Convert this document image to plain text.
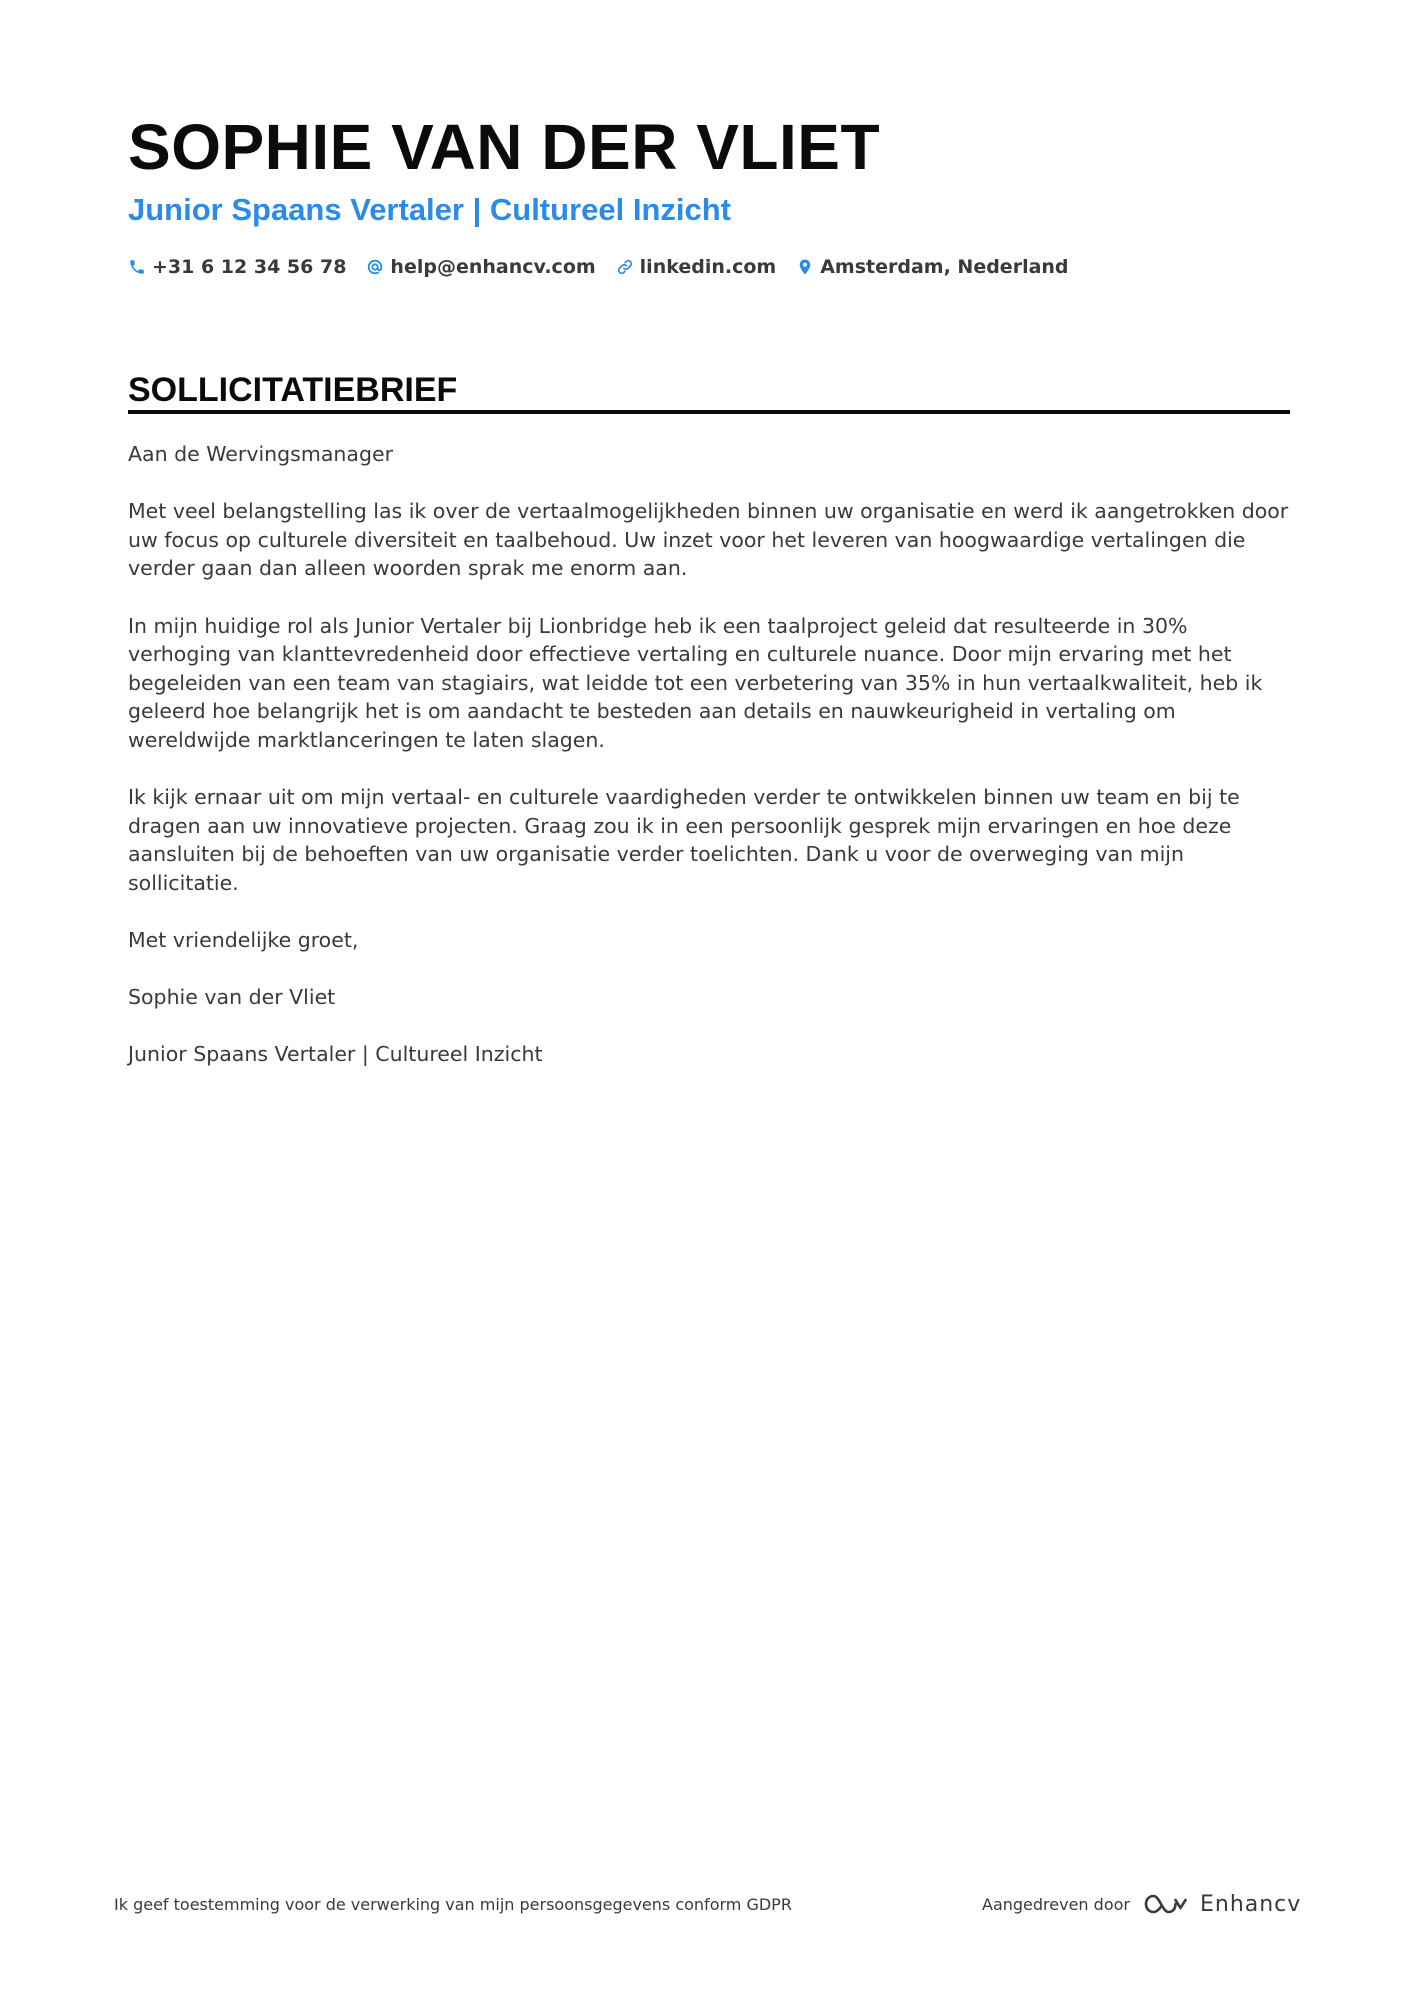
SOPHIE VAN DER VLIET
Junior Spaans Vertaler | Cultureel Inzicht
+31 6 12 34 56 78 help@enhancv.com linkedin.com Amsterdam, Nederland
SOLLICITATIEBRIEF

Aan de Wervingsmanager

Met veel belangstelling las ik over de vertaalmogelijkheden binnen uw organisatie en werd ik aangetrokken door uw focus op culturele diversiteit en taalbehoud. Uw inzet voor het leveren van hoogwaardige vertalingen die verder gaan dan alleen woorden sprak me enorm aan.

In mijn huidige rol als Junior Vertaler bij Lionbridge heb ik een taalproject geleid dat resulteerde in 30% verhoging van klanttevredenheid door effectieve vertaling en culturele nuance. Door mijn ervaring met het begeleiden van een team van stagiairs, wat leidde tot een verbetering van 35% in hun vertaalkwaliteit, heb ik geleerd hoe belangrijk het is om aandacht te besteden aan details en nauwkeurigheid in vertaling om wereldwijde marktlanceringen te laten slagen.

Ik kijk ernaar uit om mijn vertaal- en culturele vaardigheden verder te ontwikkelen binnen uw team en bij te dragen aan uw innovatieve projecten. Graag zou ik in een persoonlijk gesprek mijn ervaringen en hoe deze aansluiten bij de behoeften van uw organisatie verder toelichten. Dank u voor de overweging van mijn sollicitatie.

Met vriendelijke groet,

Sophie van der Vliet

Junior Spaans Vertaler | Cultureel Inzicht

Ik geef toestemming voor de verwerking van mijn persoonsgegevens conform GDPR	Aangedreven door	Enhancv
